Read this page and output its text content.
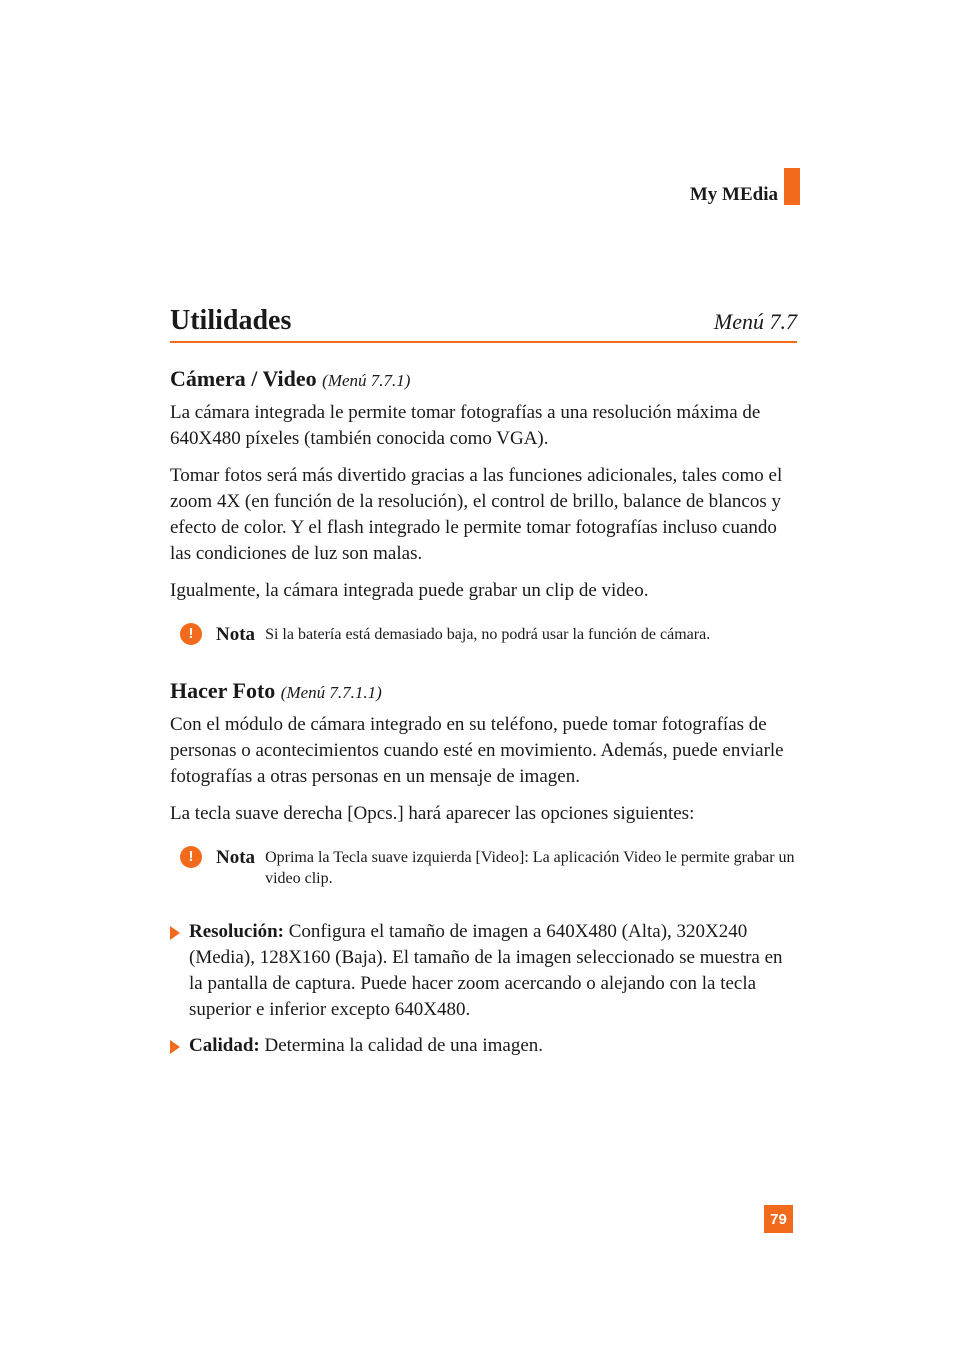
My MEdia
Utilidades	Menú 7.7
Cámera / Video (Menú 7.7.1)

La cámara integrada le permite tomar fotografías a una resolución máxima de 640X480 píxeles (también conocida como VGA).

Tomar fotos será más divertido gracias a las funciones adicionales, tales como el zoom 4X (en función de la resolución), el control de brillo, balance de blancos y efecto de color. Y el flash integrado le permite tomar fotografías incluso cuando las condiciones de luz son malas.

Igualmente, la cámara integrada puede grabar un clip de video.

!	Nota Si la batería está demasiado baja, no podrá usar la función de cámara.
Hacer Foto (Menú 7.7.1.1)

Con el módulo de cámara integrado en su teléfono, puede tomar fotografías de personas o acontecimientos cuando esté en movimiento. Además, puede enviarle fotografías a otras personas en un mensaje de imagen.

La tecla suave derecha [Opcs.] hará aparecer las opciones siguientes:

!	Nota Oprima la Tecla suave izquierda [Video]: La aplicación Video le permite grabar un video clip.
Resolución: Configura el tamaño de imagen a 640X480 (Alta), 320X240 (Media), 128X160 (Baja). El tamaño de la imagen seleccionado se muestra en la pantalla de captura. Puede hacer zoom acercando o alejando con la tecla superior e inferior excepto 640X480.
Calidad: Determina la calidad de una imagen.
79
